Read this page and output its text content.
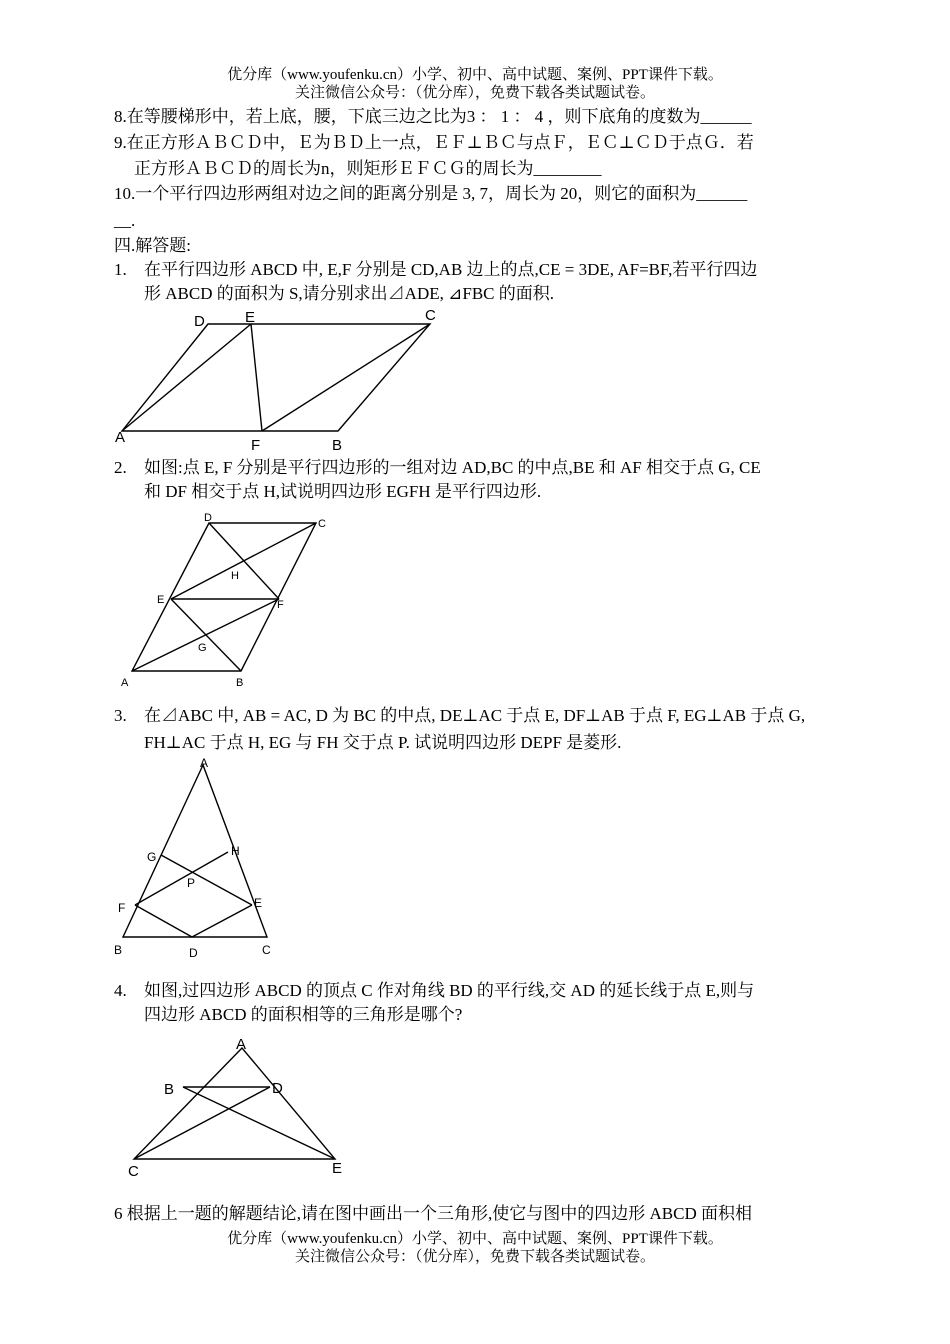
优分库（www.youfenku.cn）小学、初中、高中试题、案例、PPT课件下载。
关注微信公众号：（优分库），免费下载各类试题试卷。
8.在等腰梯形中，若上底，腰，下底三边之比为3 ： 1 ： 4 ，则下底角的度数为______
9.在正方形ＡＢＣＤ中，Ｅ为ＢＤ上一点，ＥＦ⊥ＢＣ与点Ｆ，ＥＣ⊥ＣＤ于点Ｇ．若
正方形ＡＢＣＤ的周长为n，则矩形ＥＦＣＧ的周长为________
10.一个平行四边形两组对边之间的距离分别是 3, 7，周长为 20，则它的面积为______
__.
四.解答题:
1. 在平行四边形 ABCD 中, E,F 分别是 CD,AB 边上的点,CE = 3DE, AF=BF,若平行四边
形 ABCD 的面积为 S,请分别求出⊿ADE, ⊿FBC 的面积.
D	E	C
A	F	B
2. 如图:点 E, F 分别是平行四边形的一组对边 AD,BC 的中点,BE 和 AF 相交于点 G, CE
和 DF 相交于点 H,试说明四边形 EGFH 是平行四边形.
D	C
H
E	F
G
A	B
3. 在⊿ABC 中, AB = AC, D 为 BC 的中点, DE⊥AC 于点 E, DF⊥AB 于点 F, EG⊥AB 于点 G,
FH⊥AC 于点 H, EG 与 FH 交于点 P. 试说明四边形 DEPF 是菱形.
A
G	H
P
F	E
B	D	C
4. 如图,过四边形 ABCD 的顶点 C 作对角线 BD 的平行线,交 AD 的延长线于点 E,则与
四边形 ABCD 的面积相等的三角形是哪个?
A
B	D
C	E
6 根据上一题的解题结论,请在图中画出一个三角形,使它与图中的四边形 ABCD 面积相
优分库（www.youfenku.cn）小学、初中、高中试题、案例、PPT课件下载。
关注微信公众号：（优分库），免费下载各类试题试卷。
